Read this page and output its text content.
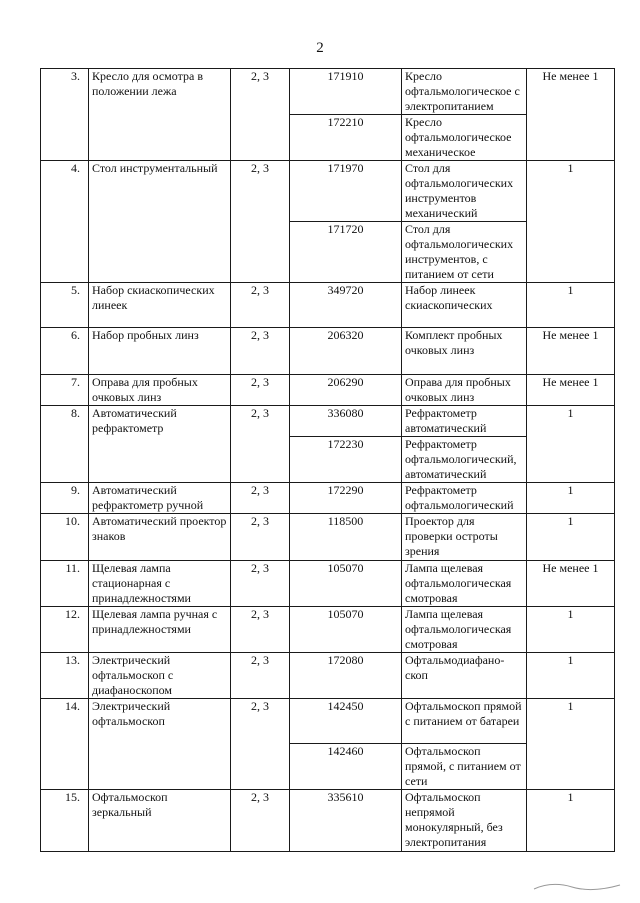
2
3.	Кресло для осмотра в положении лежа	2, 3	171910	Кресло офтальмологическое с электропитанием	Не менее 1
			172210	Кресло офтальмологическое механическое	
4.	Стол инструментальный	2, 3	171970	Стол для офтальмологических инструментов механический	1
			171720	Стол для офтальмологических инструментов, с питанием от сети	
5.	Набор скиаскопических линеек	2, 3	349720	Набор линеек скиаскопических	1
6.	Набор пробных линз	2, 3	206320	Комплект пробных очковых линз	Не менее 1
7.	Оправа для пробных очковых линз	2, 3	206290	Оправа для пробных очковых линз	Не менее 1
8.	Автоматический рефрактометр	2, 3	336080	Рефрактометр автоматический	1
			172230	Рефрактометр офтальмологический, автоматический	
9.	Автоматический рефрактометр ручной	2, 3	172290	Рефрактометр офтальмологический	1
10.	Автоматический проектор знаков	2, 3	118500	Проектор для проверки остроты зрения	1
11.	Щелевая лампа стационарная с принадлежностями	2, 3	105070	Лампа щелевая офтальмологическая смотровая	Не менее 1
12.	Щелевая лампа ручная с принадлежностями	2, 3	105070	Лампа щелевая офтальмологическая смотровая	1
13.	Электрический офтальмоскоп с диафаноскопом	2, 3	172080	Офтальмодиафано-скоп	1
14.	Электрический офтальмоскоп	2, 3	142450	Офтальмоскоп прямой с питанием от батареи	1
			142460	Офтальмоскоп прямой, с питанием от сети	
15.	Офтальмоскоп зеркальный	2, 3	335610	Офтальмоскоп непрямой монокулярный, без электропитания	1
